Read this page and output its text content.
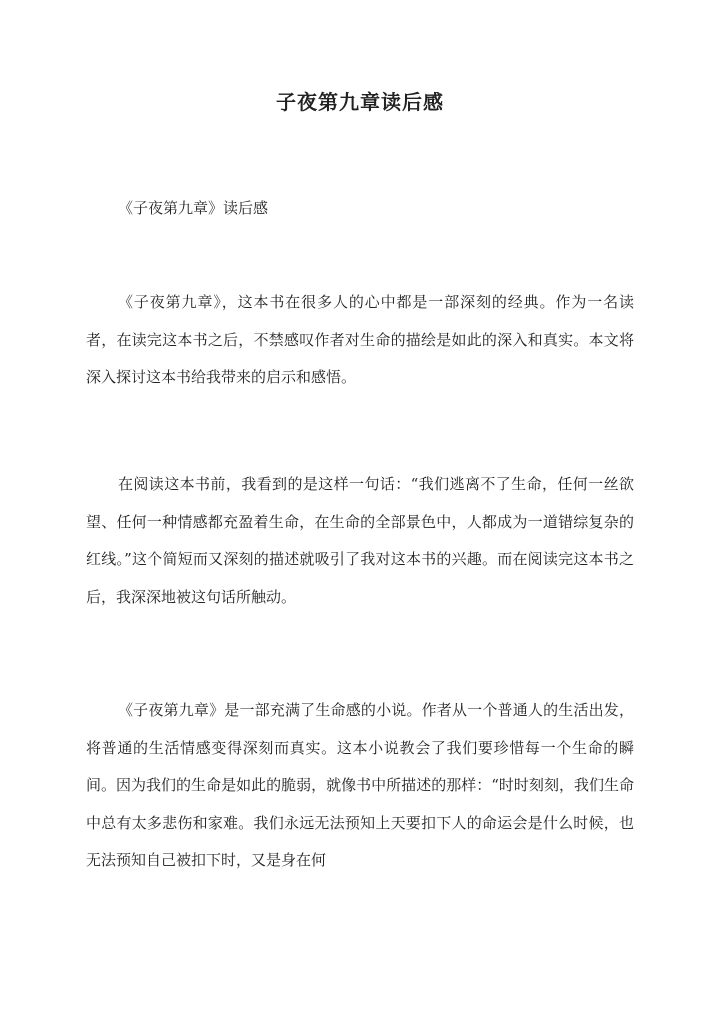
子夜第九章读后感

《子夜第九章》读后感

《子夜第九章》，这本书在很多人的心中都是一部深刻的经典。作为一名读者，在读完这本书之后，不禁感叹作者对生命的描绘是如此的深入和真实。本文将深入探讨这本书给我带来的启示和感悟。

在阅读这本书前，我看到的是这样一句话：“我们逃离不了生命，任何一丝欲望、任何一种情感都充盈着生命，在生命的全部景色中，人都成为一道错综复杂的红线。”这个简短而又深刻的描述就吸引了我对这本书的兴趣。而在阅读完这本书之后，我深深地被这句话所触动。

《子夜第九章》是一部充满了生命感的小说。作者从一个普通人的生活出发，将普通的生活情感变得深刻而真实。这本小说教会了我们要珍惜每一个生命的瞬间。因为我们的生命是如此的脆弱，就像书中所描述的那样：“时时刻刻，我们生命中总有太多悲伤和家难。我们永远无法预知上天要扣下人的命运会是什么时候，也无法预知自己被扣下时，又是身在何
